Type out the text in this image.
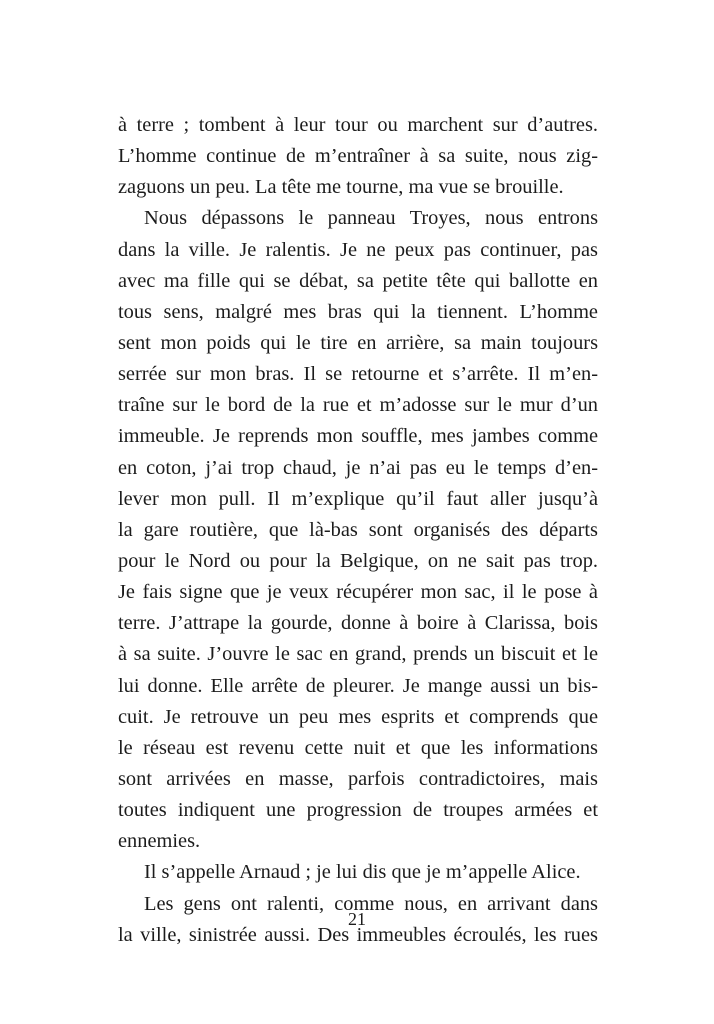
à terre ; tombent à leur tour ou marchent sur d’autres.
L’homme continue de m’entraîner à sa suite, nous zig-
zaguons un peu. La tête me tourne, ma vue se brouille.
Nous dépassons le panneau Troyes, nous entrons
dans la ville. Je ralentis. Je ne peux pas continuer, pas
avec ma fille qui se débat, sa petite tête qui ballotte en
tous sens, malgré mes bras qui la tiennent. L’homme
sent mon poids qui le tire en arrière, sa main toujours
serrée sur mon bras. Il se retourne et s’arrête. Il m’en-
traîne sur le bord de la rue et m’adosse sur le mur d’un
immeuble. Je reprends mon souffle, mes jambes comme
en coton, j’ai trop chaud, je n’ai pas eu le temps d’en-
lever mon pull. Il m’explique qu’il faut aller jusqu’à
la gare routière, que là-bas sont organisés des départs
pour le Nord ou pour la Belgique, on ne sait pas trop.
Je fais signe que je veux récupérer mon sac, il le pose à
terre. J’attrape la gourde, donne à boire à Clarissa, bois
à sa suite. J’ouvre le sac en grand, prends un biscuit et le
lui donne. Elle arrête de pleurer. Je mange aussi un bis-
cuit. Je retrouve un peu mes esprits et comprends que
le réseau est revenu cette nuit et que les informations
sont arrivées en masse, parfois contradictoires, mais
toutes indiquent une progression de troupes armées et
ennemies.
Il s’appelle Arnaud ; je lui dis que je m’appelle Alice.
Les gens ont ralenti, comme nous, en arrivant dans
la ville, sinistrée aussi. Des immeubles écroulés, les rues
21
